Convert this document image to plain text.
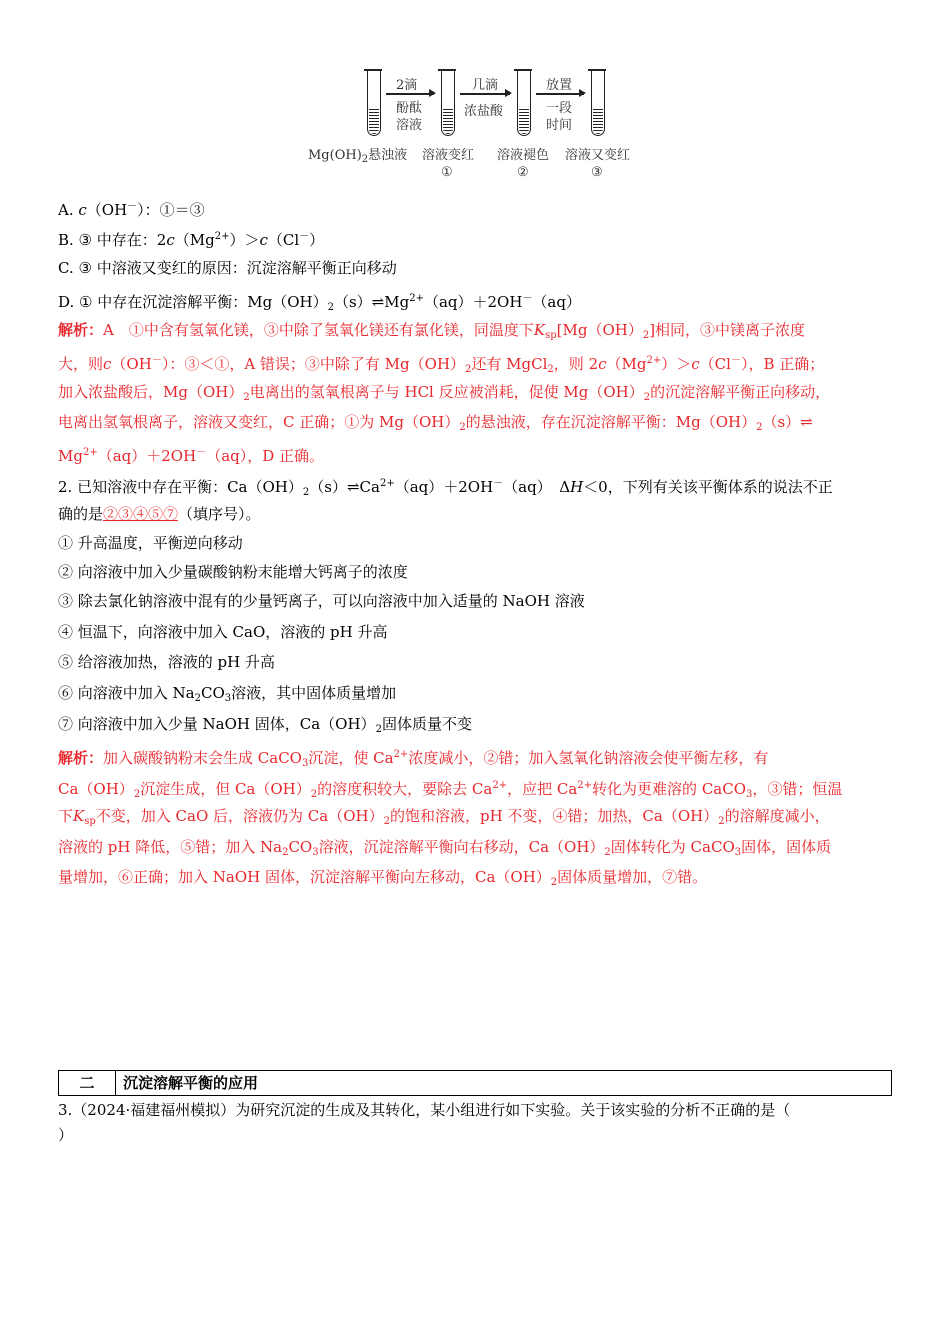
2滴
酚酞
溶液
几滴
浓盐酸
放置
一段
时间
$Mg(OH)_2$悬浊液 溶液变红
①
溶液褪色
②
溶液又变红
③
A. c（OH－）：①＝③
B. ③ 中存在：$2c(Mg^{2+})>c(Cl^-)$
C. ③ 中溶液又变红的原因：沉淀溶解平衡正向移动
D. ① 中存在沉淀溶解平衡：$Mg(OH)_2(s)\rightleftharpoons Mg^{2+}(aq)+2OH^-(aq)$
解析：A　①中含有氢氧化镁，③中除了氢氧化镁还有氯化镁，同温度下$K_{sp}[Mg(OH)_2]$相同，③中镁离子浓度
大，则c（OH－）：③＜①，A 错误；③中除了有 $Mg(OH)_2$还有 MgCl$_2$，则 $2c(Mg^{2+})>c(Cl^-)$，B 正确；
加入浓盐酸后，$Mg(OH)_2$电离出的氢氧根离子与 HCl 反应被消耗，促使 $Mg(OH)_2$的沉淀溶解平衡正向移动，
电离出氢氧根离子，溶液又变红，C 正确；①为 $Mg(OH)_2$的悬浊液，存在沉淀溶解平衡：$Mg(OH)_2(s)\rightleftharpoons$
$Mg^{2+}(aq)+2OH^-(aq)$，D 正确。
2. 已知溶液中存在平衡：$Ca(OH)_2(s)\rightleftharpoons Ca^{2+}(aq)+2OH^-(aq)$　ΔH＜0，下列有关该平衡体系的说法不正
确的是②③④⑤⑦（填序号）。
① 升高温度，平衡逆向移动
② 向溶液中加入少量碳酸钠粉末能增大钙离子的浓度
③ 除去氯化钠溶液中混有的少量钙离子，可以向溶液中加入适量的 NaOH 溶液
④ 恒温下，向溶液中加入 CaO，溶液的 pH 升高
⑤ 给溶液加热，溶液的 pH 升高
⑥ 向溶液中加入 $Na_2CO_3$溶液，其中固体质量增加
⑦ 向溶液中加入少量 NaOH 固体，$Ca(OH)_2$固体质量不变
解析：加入碳酸钠粉末会生成 CaCO$_3$沉淀，使 $Ca^{2+}$浓度减小，②错；加入氢氧化钠溶液会使平衡左移，有
$Ca(OH)_2$沉淀生成，但 $Ca(OH)_2$的溶度积较大，要除去 $Ca^{2+}$，应把 $Ca^{2+}$转化为更难溶的 CaCO$_3$，③错；恒温
下$K_{sp}$不变，加入 CaO 后，溶液仍为 $Ca(OH)_2$的饱和溶液，pH 不变，④错；加热，$Ca(OH)_2$的溶解度减小，
溶液的 pH 降低，⑤错；加入 $Na_2CO_3$溶液，沉淀溶解平衡向右移动，$Ca(OH)_2$固体转化为 CaCO$_3$固体，固体质
量增加，⑥正确；加入 NaOH 固体，沉淀溶解平衡向左移动，$Ca(OH)_2$固体质量增加，⑦错。
二	沉淀溶解平衡的应用
3.（2024·福建福州模拟）为研究沉淀的生成及其转化，某小组进行如下实验。关于该实验的分析不正确的是（
）
